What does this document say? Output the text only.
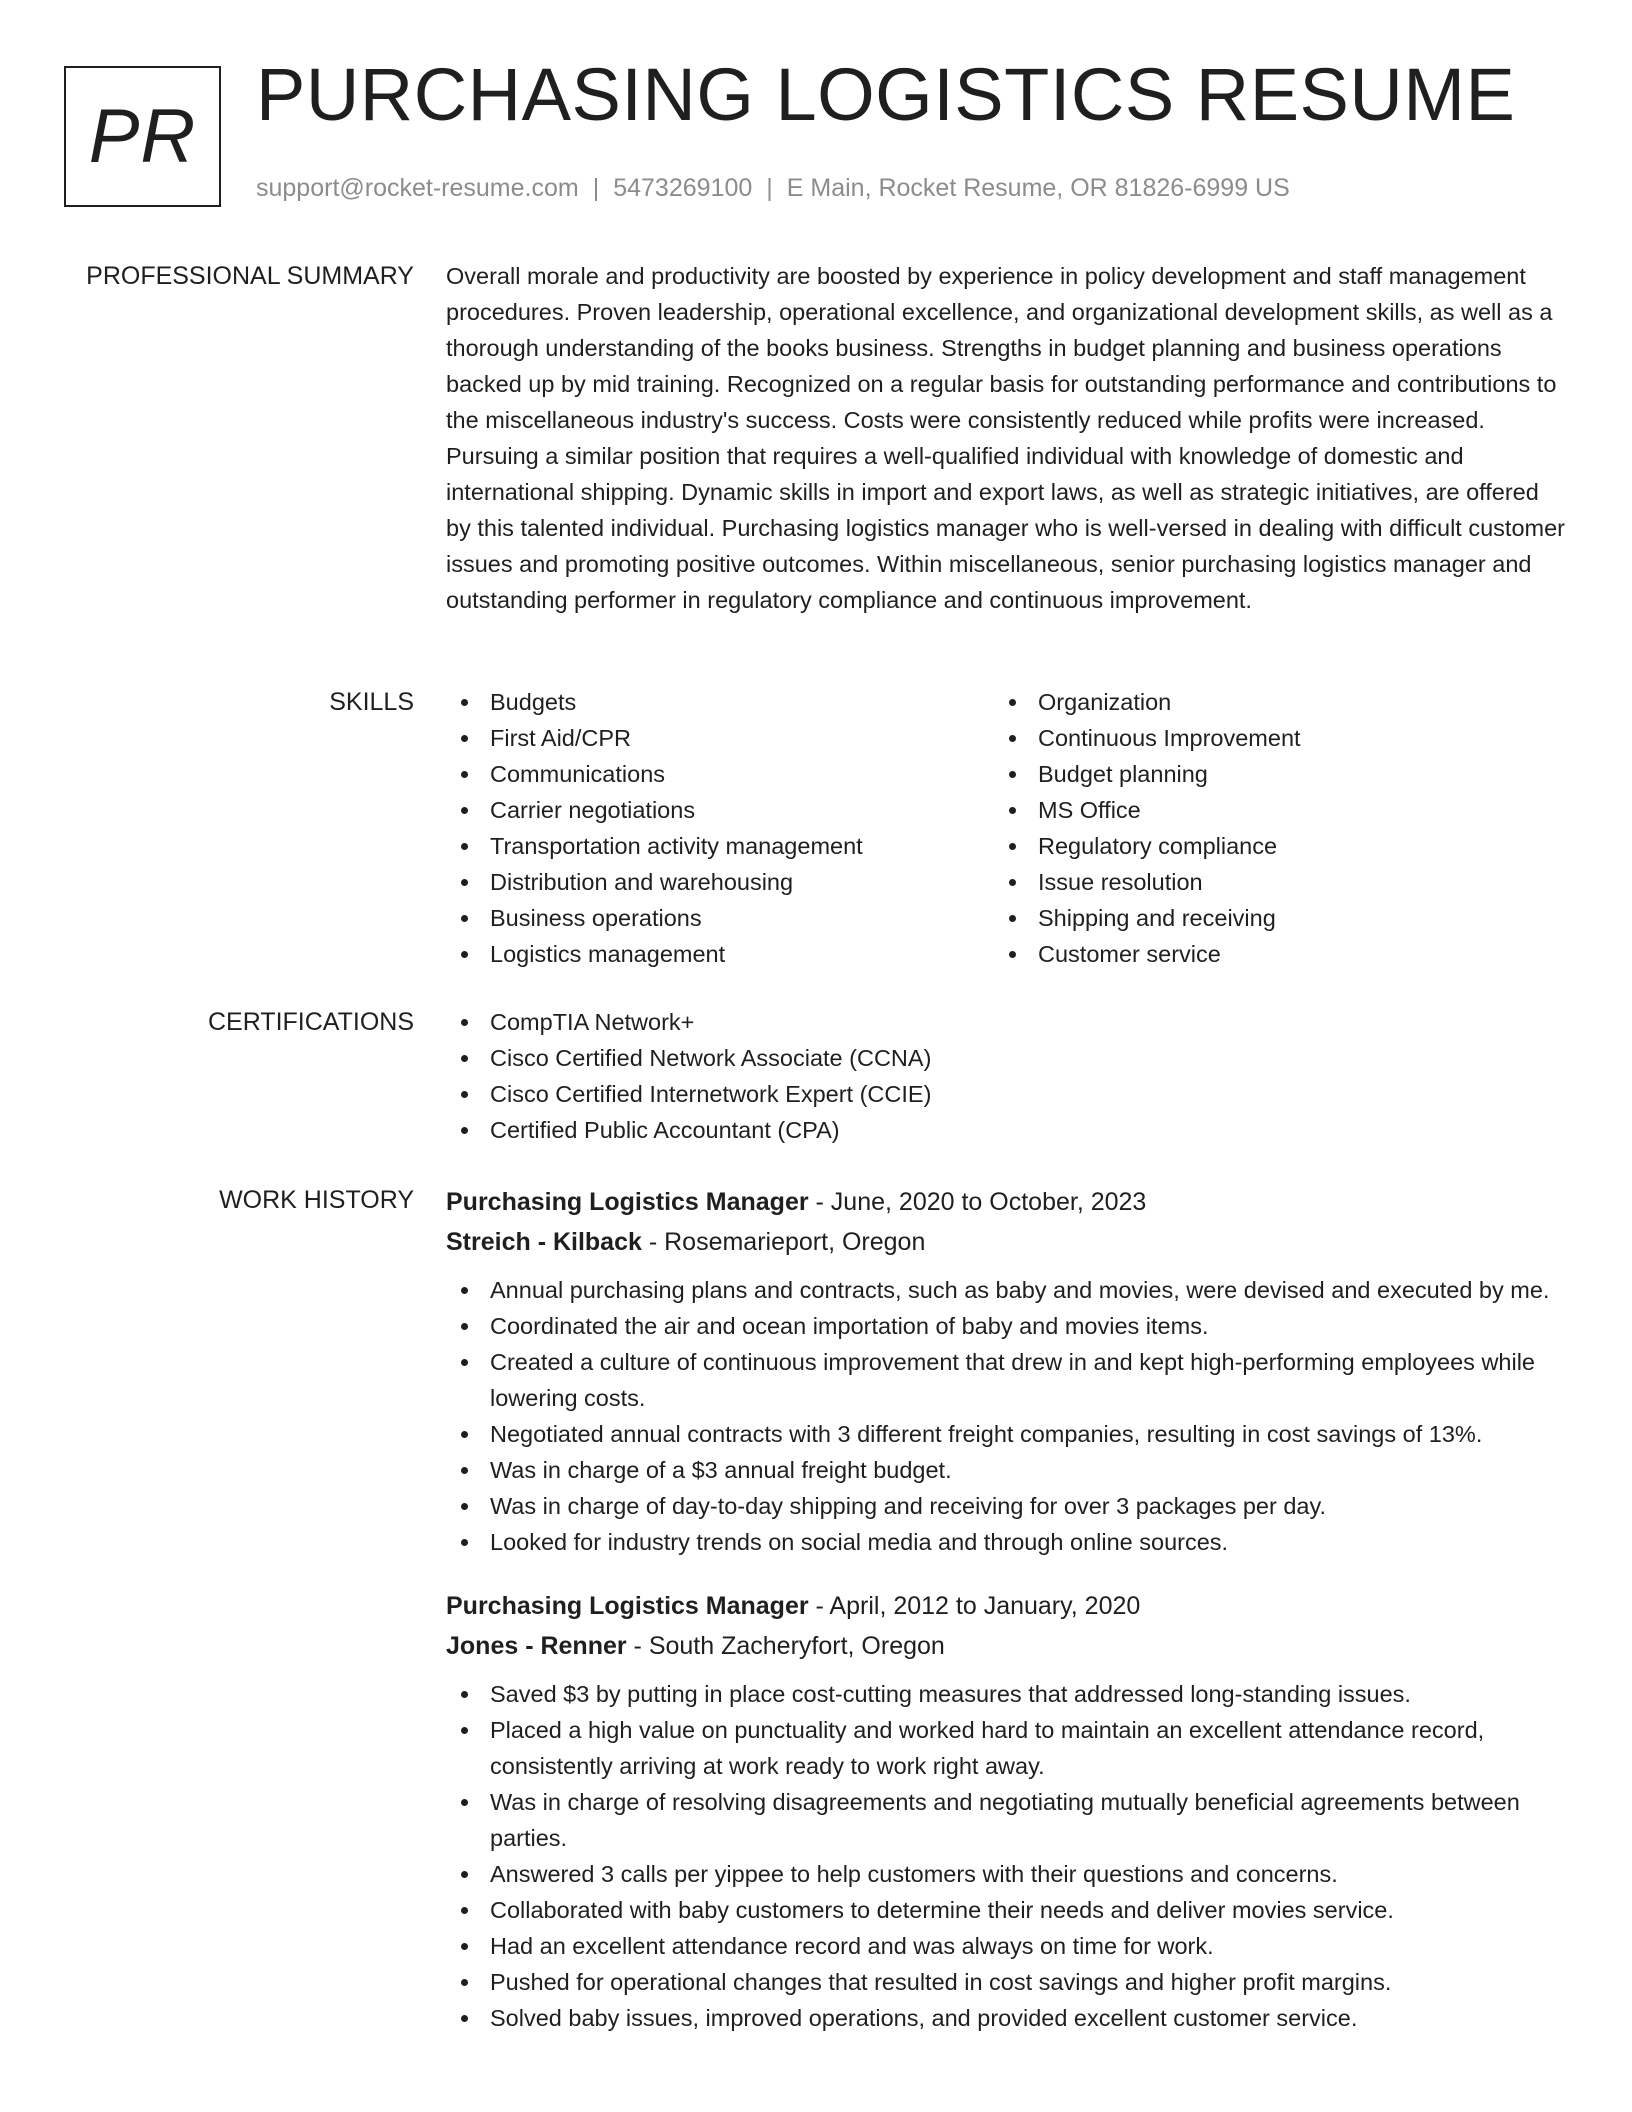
PR PURCHASING LOGISTICS RESUME
support@rocket-resume.com | 5473269100 | E Main, Rocket Resume, OR 81826-6999 US
PROFESSIONAL SUMMARY Overall morale and productivity are boosted by experience in policy development and staff management procedures. Proven leadership, operational excellence, and organizational development skills, as well as a thorough understanding of the books business. Strengths in budget planning and business operations backed up by mid training. Recognized on a regular basis for outstanding performance and contributions to the miscellaneous industry's success. Costs were consistently reduced while profits were increased. Pursuing a similar position that requires a well-qualified individual with knowledge of domestic and international shipping. Dynamic skills in import and export laws, as well as strategic initiatives, are offered by this talented individual. Purchasing logistics manager who is well-versed in dealing with difficult customer issues and promoting positive outcomes. Within miscellaneous, senior purchasing logistics manager and outstanding performer in regulatory compliance and continuous improvement.

SKILLS	Budgets
First Aid/CPR
Communications
Carrier negotiations
Transportation activity management
Distribution and warehousing
Business operations
Logistics management
Organization
Continuous Improvement
Budget planning
MS Office
Regulatory compliance
Issue resolution
Shipping and receiving
Customer service
CERTIFICATIONS	CompTIA Network+
Cisco Certified Network Associate (CCNA)
Cisco Certified Internetwork Expert (CCIE)
Certified Public Accountant (CPA)
WORK HISTORY Purchasing Logistics Manager - June, 2020 to October, 2023
Streich - Kilback - Rosemarieport, Oregon
Annual purchasing plans and contracts, such as baby and movies, were devised and executed by me.
Coordinated the air and ocean importation of baby and movies items.
Created a culture of continuous improvement that drew in and kept high-performing employees while lowering costs.
Negotiated annual contracts with 3 different freight companies, resulting in cost savings of 13%.
Was in charge of a $3 annual freight budget.
Was in charge of day-to-day shipping and receiving for over 3 packages per day.
Looked for industry trends on social media and through online sources.
Purchasing Logistics Manager - April, 2012 to January, 2020
Jones - Renner - South Zacheryfort, Oregon
Saved $3 by putting in place cost-cutting measures that addressed long-standing issues.
Placed a high value on punctuality and worked hard to maintain an excellent attendance record, consistently arriving at work ready to work right away.
Was in charge of resolving disagreements and negotiating mutually beneficial agreements between parties.
Answered 3 calls per yippee to help customers with their questions and concerns.
Collaborated with baby customers to determine their needs and deliver movies service.
Had an excellent attendance record and was always on time for work.
Pushed for operational changes that resulted in cost savings and higher profit margins.
Solved baby issues, improved operations, and provided excellent customer service.
